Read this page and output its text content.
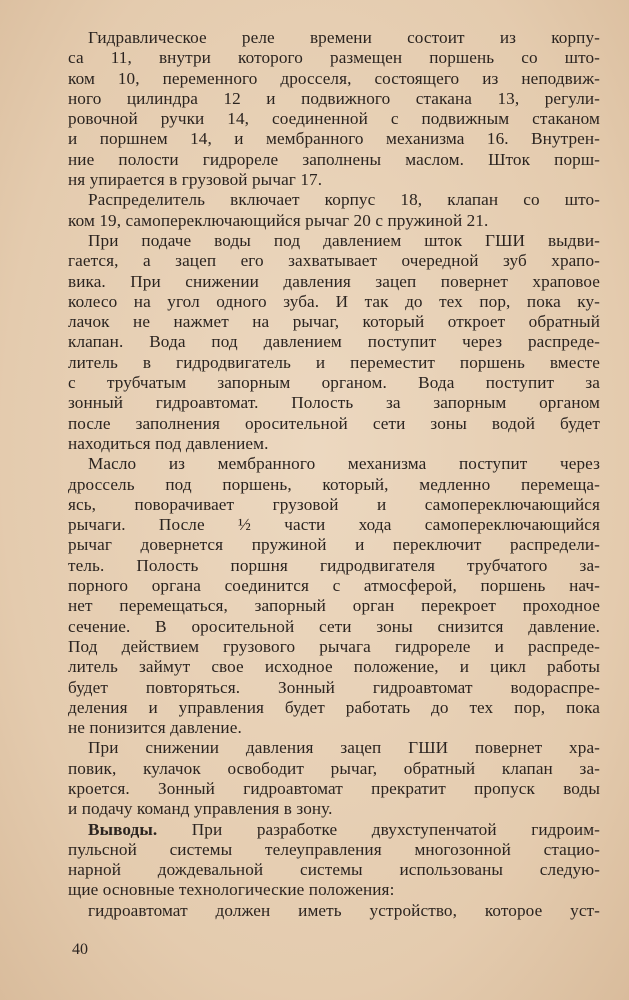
Гидравлическое реле времени состоит из корпу-
са 11, внутри которого размещен поршень со што-
ком 10, переменного дросселя, состоящего из неподвиж-
ного цилиндра 12 и подвижного стакана 13, регули-
ровочной ручки 14, соединенной с подвижным стаканом
и поршнем 14, и мембранного механизма 16. Внутрен-
ние полости гидрореле заполнены маслом. Шток порш-
ня упирается в грузовой рычаг 17.
Распределитель включает корпус 18, клапан со што-
ком 19, самопереключающийся рычаг 20 с пружиной 21.
При подаче воды под давлением шток ГШИ выдви-
гается, а зацеп его захватывает очередной зуб храпо-
вика. При снижении давления зацеп повернет храповое
колесо на угол одного зуба. И так до тех пор, пока ку-
лачок не нажмет на рычаг, который откроет обратный
клапан. Вода под давлением поступит через распреде-
литель в гидродвигатель и переместит поршень вместе
с трубчатым запорным органом. Вода поступит за
зонный гидроавтомат. Полость за запорным органом
после заполнения оросительной сети зоны водой будет
находиться под давлением.
Масло из мембранного механизма поступит через
дроссель под поршень, который, медленно перемеща-
ясь, поворачивает грузовой и самопереключающийся
рычаги. После ½ части хода самопереключающийся
рычаг довернется пружиной и переключит распредели-
тель. Полость поршня гидродвигателя трубчатого за-
порного органа соединится с атмосферой, поршень нач-
нет перемещаться, запорный орган перекроет проходное
сечение. В оросительной сети зоны снизится давление.
Под действием грузового рычага гидрореле и распреде-
литель займут свое исходное положение, и цикл работы
будет повторяться. Зонный гидроавтомат водораспре-
деления и управления будет работать до тех пор, пока
не понизится давление.
При снижении давления зацеп ГШИ повернет хра-
повик, кулачок освободит рычаг, обратный клапан за-
кроется. Зонный гидроавтомат прекратит пропуск воды
и подачу команд управления в зону.
Выводы. При разработке двухступенчатой гидроим-
пульсной системы телеуправления многозонной стацио-
нарной дождевальной системы использованы следую-
щие основные технологические положения:
гидроавтомат должен иметь устройство, которое уст-
40
